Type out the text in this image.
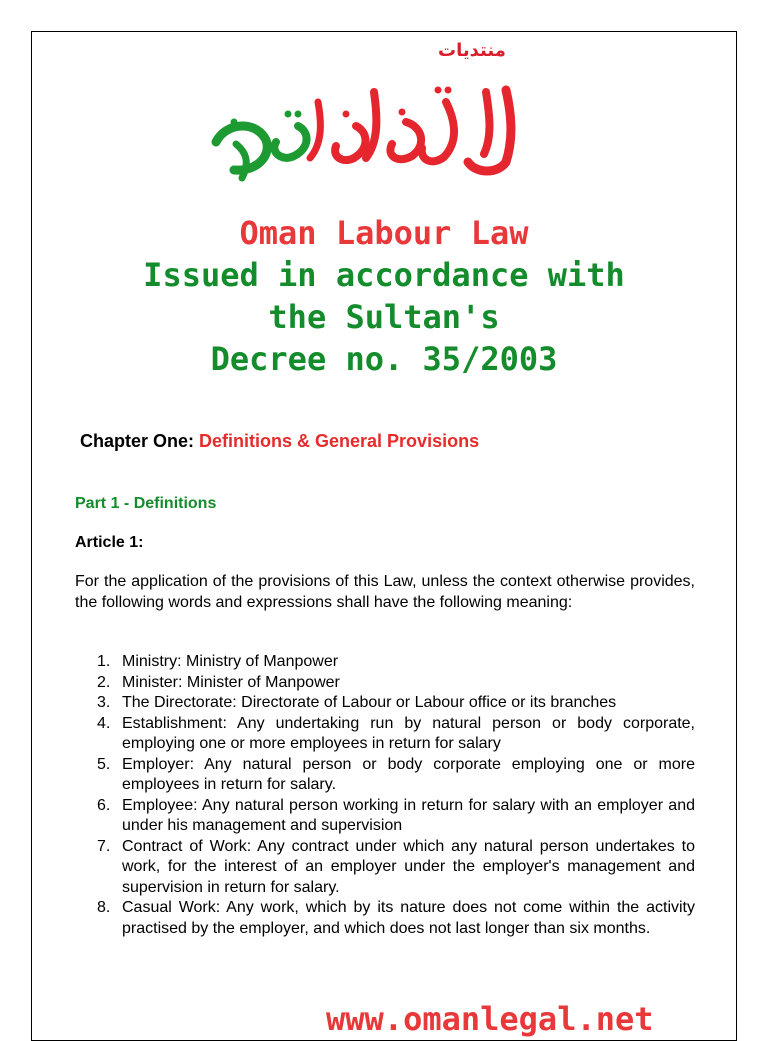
منتديات
Oman Labour Law
Issued in accordance with
the Sultan's
Decree no. 35/2003
Chapter One: Definitions & General Provisions
Part 1 - Definitions
Article 1:
For the application of the provisions of this Law, unless the context otherwise provides, the following words and expressions shall have the following meaning:
1. Ministry: Ministry of Manpower
2. Minister: Minister of Manpower
3. The Directorate: Directorate of Labour or Labour office or its branches
4. Establishment: Any undertaking run by natural person or body corporate, employing one or more employees in return for salary
5. Employer: Any natural person or body corporate employing one or more employees in return for salary.
6. Employee: Any natural person working in return for salary with an employer and under his management and supervision
7. Contract of Work: Any contract under which any natural person undertakes to work, for the interest of an employer under the employer's management and supervision in return for salary.
8. Casual Work: Any work, which by its nature does not come within the activity practised by the employer, and which does not last longer than six months.
www.omanlegal.net
